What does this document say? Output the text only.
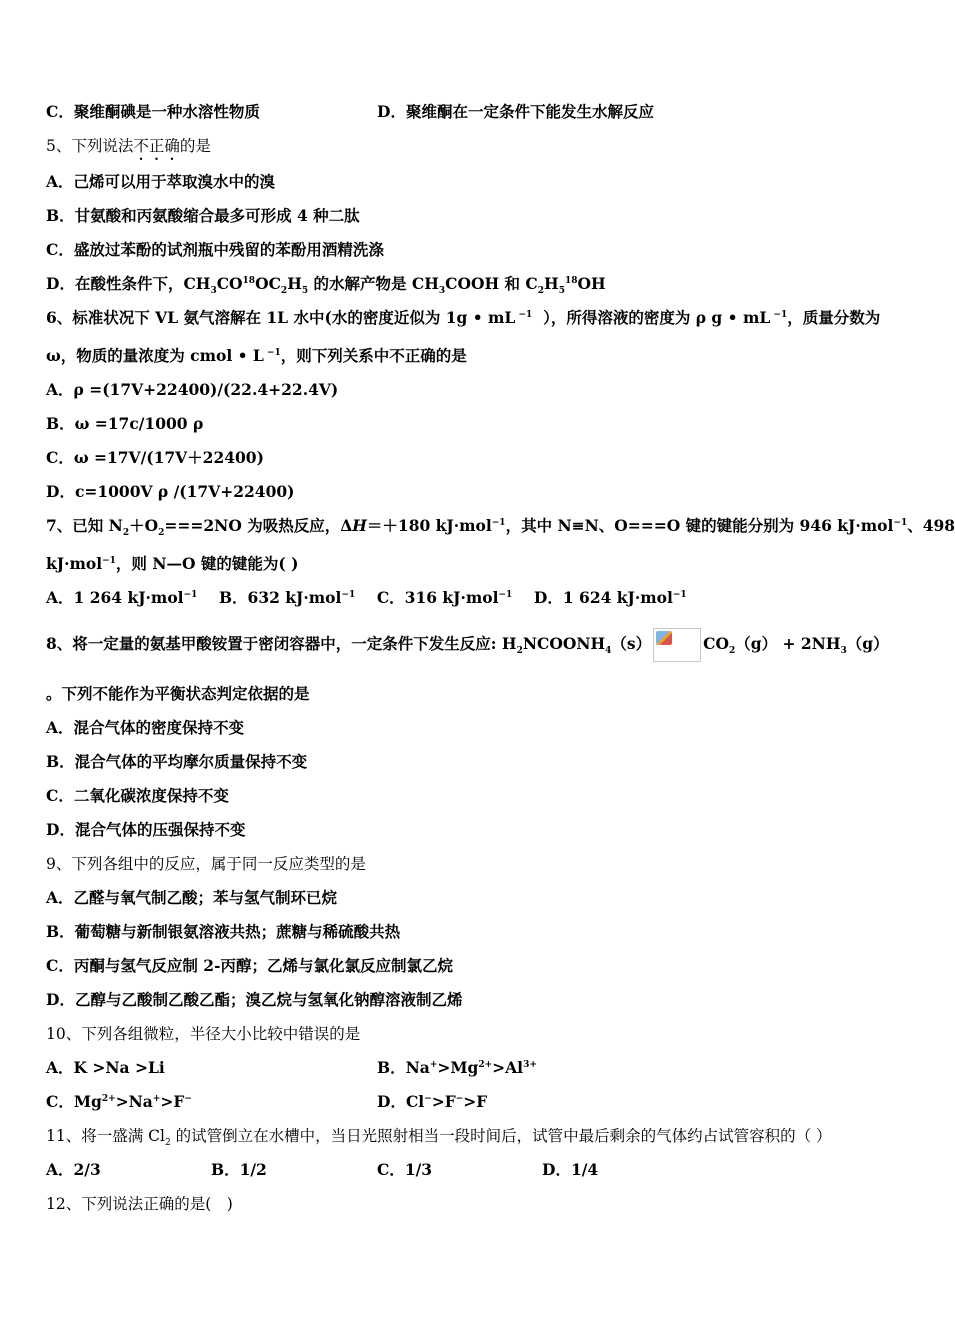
C．聚维酮碘是一种水溶性物质	D．聚维酮在一定条件下能发生水解反应
5、下列说法不正确的是
A．己烯可以用于萃取溴水中的溴
B．甘氨酸和丙氨酸缩合最多可形成 4 种二肽
C．盛放过苯酚的试剂瓶中残留的苯酚用酒精洗涤
D．在酸性条件下，$CH_3CO^{18}OC_2H_5$ 的水解产物是 $CH_3COOH$ 和 $C_2H_5^{18}OH$
6、标准状况下 VL 氨气溶解在 1L 水中(水的密度近似为 1g • mL $^{-1}$ ），所得溶液的密度为 ρ g • mL $^{-1}$，质量分数为
ω，物质的量浓度为 cmol • L $^{-1}$，则下列关系中不正确的是
A．ρ =(17V+22400)/(22.4+22.4V)
B．ω =17c/1000 ρ
C．ω =17V/(17V＋22400)
D．c=1000V ρ /(17V+22400)
7、已知 $N_2+O_2===2NO$ 为吸热反应，ΔH＝＋180 kJ·mol$^{-1}$，其中 N≡N、O===O 键的键能分别为 946 kJ·mol$^{-1}$、498
kJ·mol$^{-1}$，则 N—O 键的键能为( )
A．1 264 kJ·mol$^{-1}$    B．632 kJ·mol$^{-1}$    C．316 kJ·mol$^{-1}$    D．1 624 kJ·mol$^{-1}$
8、将一定量的氨基甲酸铵置于密闭容器中，一定条件下发生反应: $H_2NCOONH_4(s)$	$CO_2(g) + 2NH_3(g)$
。下列不能作为平衡状态判定依据的是
A．混合气体的密度保持不变
B．混合气体的平均摩尔质量保持不变
C．二氧化碳浓度保持不变
D．混合气体的压强保持不变
9、下列各组中的反应，属于同一反应类型的是
A．乙醛与氧气制乙酸；苯与氢气制环已烷
B．葡萄糖与新制银氨溶液共热；蔗糖与稀硫酸共热
C．丙酮与氢气反应制 2-丙醇；乙烯与氯化氯反应制氯乙烷
D．乙醇与乙酸制乙酸乙酯；溴乙烷与氢氧化钠醇溶液制乙烯
10、下列各组微粒，半径大小比较中错误的是
A．K >Na >Li	B．$Na^+>Mg^{2+}>Al^{3+}$
C．$Mg^{2+}>Na^+>F^-$	D．Cl−>F−>F
11、将一盛满 $Cl_2$ 的试管倒立在水槽中，当日光照射相当一段时间后，试管中最后剩余的气体约占试管容积的（ ）
A．2/3	B．1/2	C．1/3	D．1/4
12、下列说法正确的是(　)
